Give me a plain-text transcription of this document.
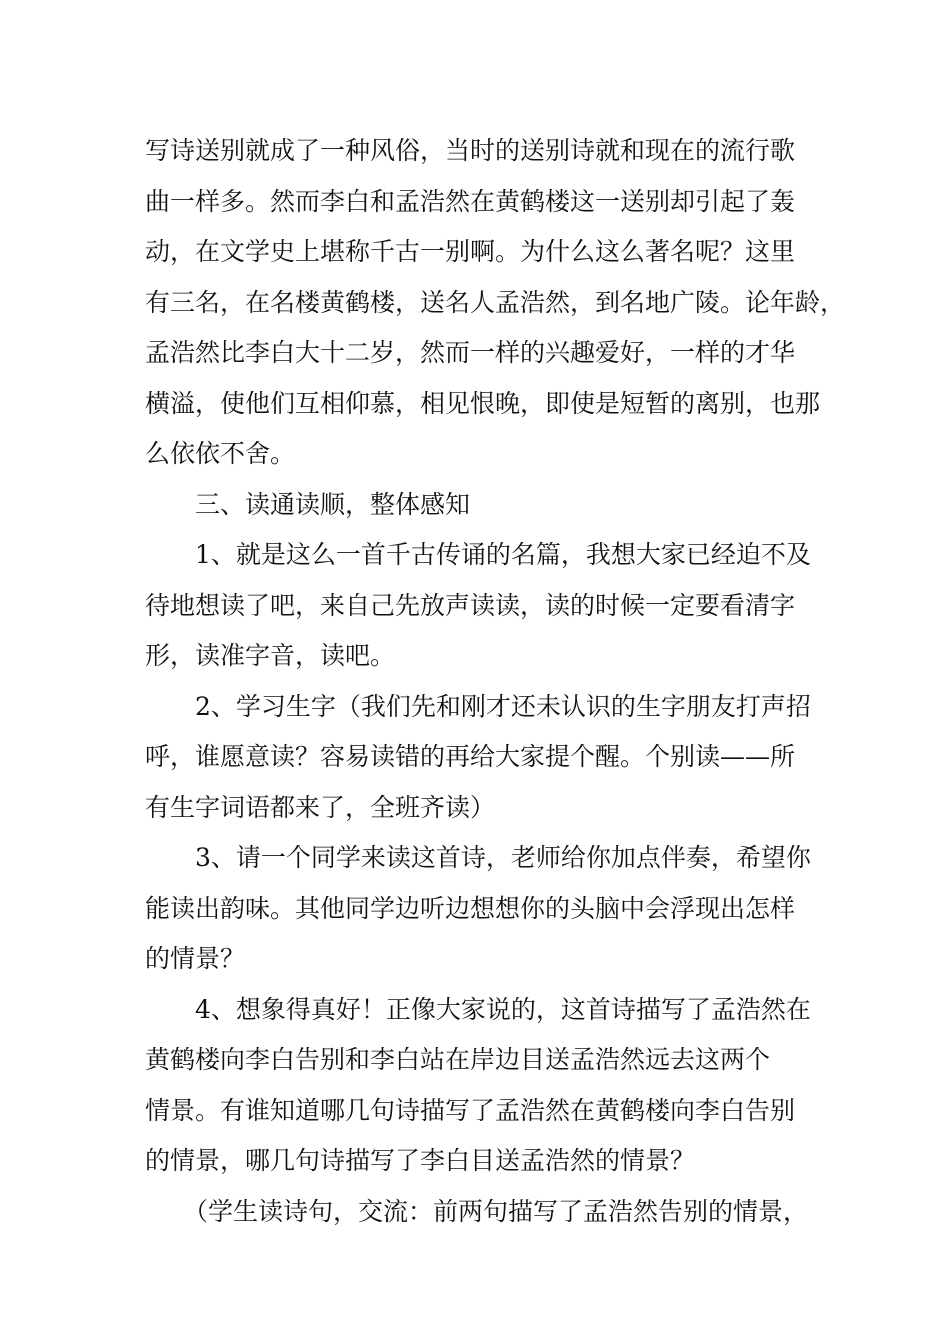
写诗送别就成了一种风俗，当时的送别诗就和现在的流行歌
曲一样多。然而李白和孟浩然在黄鹤楼这一送别却引起了轰
动，在文学史上堪称千古一别啊。为什么这么著名呢？这里
有三名，在名楼黄鹤楼，送名人孟浩然，到名地广陵。论年龄，
孟浩然比李白大十二岁，然而一样的兴趣爱好，一样的才华
横溢，使他们互相仰慕，相见恨晚，即使是短暂的离别，也那
么依依不舍。
三、读通读顺，整体感知
1、就是这么一首千古传诵的名篇，我想大家已经迫不及
待地想读了吧，来自己先放声读读，读的时候一定要看清字
形，读准字音，读吧。
2、学习生字（我们先和刚才还未认识的生字朋友打声招
呼，谁愿意读？容易读错的再给大家提个醒。个别读——所
有生字词语都来了，全班齐读）
3、请一个同学来读这首诗，老师给你加点伴奏，希望你
能读出韵味。其他同学边听边想想你的头脑中会浮现出怎样
的情景？
4、想象得真好！正像大家说的，这首诗描写了孟浩然在
黄鹤楼向李白告别和李白站在岸边目送孟浩然远去这两个
情景。有谁知道哪几句诗描写了孟浩然在黄鹤楼向李白告别
的情景，哪几句诗描写了李白目送孟浩然的情景？
（学生读诗句，交流：前两句描写了孟浩然告别的情景，
